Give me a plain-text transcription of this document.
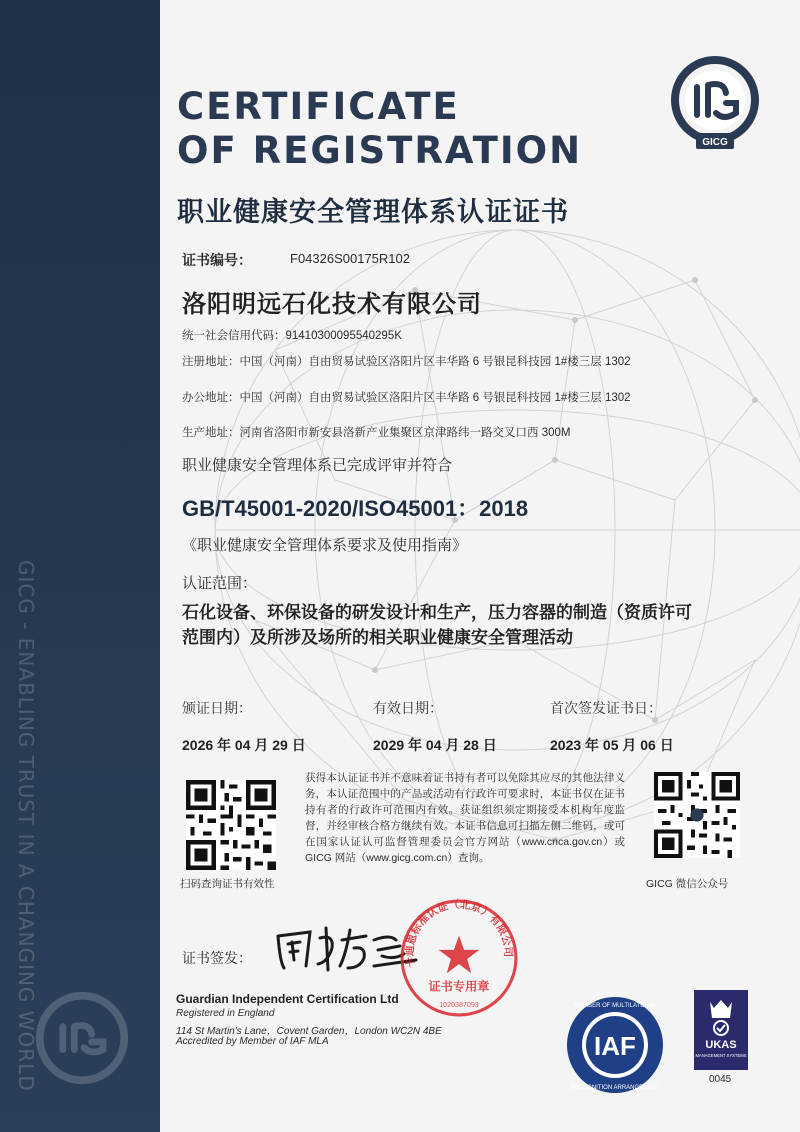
GICG - ENABLING TRUST IN A CHANGING WORLD
CERTIFICATE
OF REGISTRATION	GICG
职业健康安全管理体系认证证书
证书编号：	F04326S00175R102
洛阳明远石化技术有限公司
统一社会信用代码：91410300095540295K
注册地址：中国（河南）自由贸易试验区洛阳片区丰华路 6 号银昆科技园 1#楼三层 1302
办公地址：中国（河南）自由贸易试验区洛阳片区丰华路 6 号银昆科技园 1#楼三层 1302
生产地址：河南省洛阳市新安县洛新产业集聚区京津路纬一路交叉口西 300M
职业健康安全管理体系已完成评审并符合
GB/T45001-2020/ISO45001：2018
《职业健康安全管理体系要求及使用指南》
认证范围：
石化设备、环保设备的研发设计和生产，压力容器的制造（资质许可范围内）及所涉及场所的相关职业健康安全管理活动
颁证日期：
2026 年 04 月 29 日
有效日期：
2029 年 04 月 28 日
首次签发证书日：
2023 年 05 月 06 日
扫码查询证书有效性
获得本认证证书并不意味着证书持有者可以免除其应尽的其他法律义务，本认证范围中的产品或活动有行政许可要求时，本证书仅在证书持有者的行政许可范围内有效。获证组织须定期接受本机构年度监督，并经审核合格方继续有效。本证书信息可扫描左侧二维码，或可在国家认证认可监督管理委员会官方网站（www.cnca.gov.cn）或 GICG 网站（www.gicg.com.cn）查询。
GICG 微信公众号
证书签发：	卡迪恩标准认证（北京）有限公司
证书专用章
1020387093
Guardian Independent Certification Ltd
Registered in England
114 St Martin's Lane，Covent Garden，London WC2N 4BE
Accredited by Member of IAF MLA	IAF
MEMBER OF MULTILATERAL
RECOGNITION ARRANGEMENT
UKAS
MANAGEMENT SYSTEMS
0045
